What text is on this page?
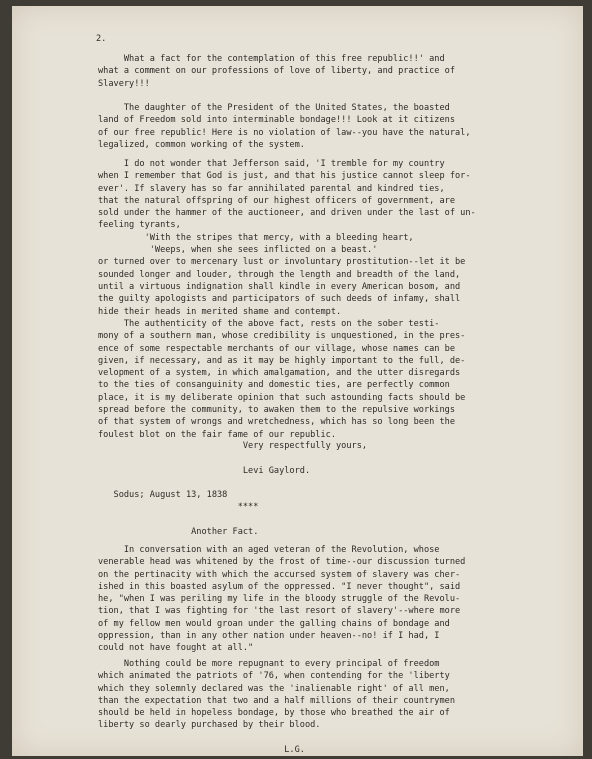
2.
What a fact for the contemplation of this free republic!!' and
what a comment on our professions of love of liberty, and practice of
Slavery!!!
The daughter of the President of the United States, the boasted
land of Freedom sold into interminable bondage!!! Look at it citizens
of our free republic! Here is no violation of law--you have the natural,
legalized, common working of the system.
I do not wonder that Jefferson said, 'I tremble for my country
when I remember that God is just, and that his justice cannot sleep for-
ever'. If slavery has so far annihilated parental and kindred ties,
that the natural offspring of our highest officers of government, are
sold under the hammer of the auctioneer, and driven under the last of un-
feeling tyrants,
'With the stripes that mercy, with a bleeding heart,
'Weeps, when she sees inflicted on a beast.'
or turned over to mercenary lust or involuntary prostitution--let it be
sounded longer and louder, through the length and breadth of the land,
until a virtuous indignation shall kindle in every American bosom, and
the guilty apologists and participators of such deeds of infamy, shall
hide their heads in merited shame and contempt.
The authenticity of the above fact, rests on the sober testi-
mony of a southern man, whose credibility is unquestioned, in the pres-
ence of some respectable merchants of our village, whose names can be
given, if necessary, and as it may be highly important to the full, de-
velopment of a system, in which amalgamation, and the utter disregards
to the ties of consanguinity and domestic ties, are perfectly common
place, it is my deliberate opinion that such astounding facts should be
spread before the community, to awaken them to the repulsive workings
of that system of wrongs and wretchedness, which has so long been the
foulest blot on the fair fame of our republic.
Very respectfully yours,

Levi Gaylord.

Sodus; August 13, 1838
****

Another Fact.
In conversation with an aged veteran of the Revolution, whose
venerable head was whitened by the frost of time--our discussion turned
on the pertinacity with which the accursed system of slavery was cher-
ished in this boasted asylum of the oppressed. "I never thought", said
he, "when I was periling my life in the bloody struggle of the Revolu-
tion, that I was fighting for 'the last resort of slavery'--where more
of my fellow men would groan under the galling chains of bondage and
oppression, than in any other nation under heaven--no! if I had, I
could not have fought at all."
Nothing could be more repugnant to every principal of freedom
which animated the patriots of '76, when contending for the 'liberty
which they solemnly declared was the 'inalienable right' of all men,
than the expectation that two and a half millions of their countrymen
should be held in hopeless bondage, by those who breathed the air of
liberty so dearly purchased by their blood.

L.G.
